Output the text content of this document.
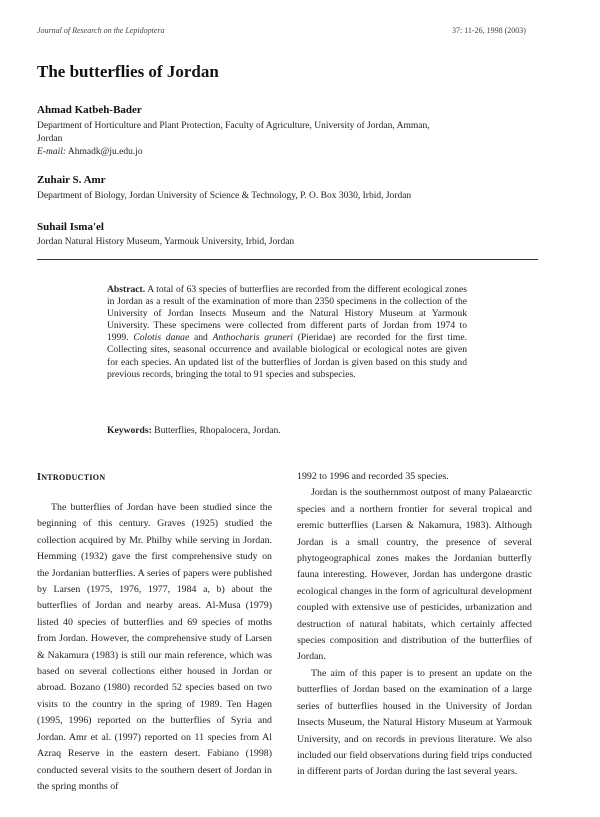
Journal of Research on the Lepidoptera	37: 11-26, 1998 (2003)
The butterflies of Jordan
Ahmad Katbeh-Bader
Department of Horticulture and Plant Protection, Faculty of Agriculture, University of Jordan, Amman,
Jordan
E-mail: Ahmadk@ju.edu.jo
Zuhair S. Amr
Department of Biology, Jordan University of Science & Technology, P. O. Box 3030, Irbid, Jordan
Suhail Isma'el
Jordan Natural History Museum, Yarmouk University, Irbid, Jordan
Abstract. A total of 63 species of butterflies are recorded from the different ecological zones in Jordan as a result of the examination of more than 2350 specimens in the collection of the University of Jordan Insects Museum and the Natural History Museum at Yarmouk University. These specimens were collected from different parts of Jordan from 1974 to 1999. Colotis danae and Anthocharis gruneri (Pieridae) are recorded for the first time. Collecting sites, seasonal occurrence and available biological or ecological notes are given for each species. An updated list of the butterflies of Jordan is given based on this study and previous records, bringing the total to 91 species and subspecies.
Keywords: Butterflies, Rhopalocera, Jordan.
INTRODUCTION

The butterflies of Jordan have been studied since the beginning of this century. Graves (1925) studied the collection acquired by Mr. Philby while serving in Jordan. Hemming (1932) gave the first comprehensive study on the Jordanian butterflies. A series of papers were published by Larsen (1975, 1976, 1977, 1984 a, b) about the butterflies of Jordan and nearby areas. Al-Musa (1979) listed 40 species of butterflies and 69 species of moths from Jordan. However, the comprehensive study of Larsen & Nakamura (1983) is still our main reference, which was based on several collections either housed in Jordan or abroad. Bozano (1980) recorded 52 species based on two visits to the country in the spring of 1989. Ten Hagen (1995, 1996) reported on the butterflies of Syria and Jordan. Amr et al. (1997) reported on 11 species from Al Azraq Reserve in the eastern desert. Fabiano (1998) conducted several visits to the southern desert of Jordan in the spring months of

1992 to 1996 and recorded 35 species.

Jordan is the southernmost outpost of many Palaearctic species and a northern frontier for several tropical and eremic butterflies (Larsen & Nakamura, 1983). Although Jordan is a small country, the presence of several phytogeographical zones makes the Jordanian butterfly fauna interesting. However, Jordan has undergone drastic ecological changes in the form of agricultural development coupled with extensive use of pesticides, urbanization and destruction of natural habitats, which certainly affected species composition and distribution of the butterflies of Jordan.

The aim of this paper is to present an update on the butterflies of Jordan based on the examination of a large series of butterflies housed in the University of Jordan Insects Museum, the Natural History Museum at Yarmouk University, and on records in previous literature. We also included our field observations during field trips conducted in different parts of Jordan during the last several years.
